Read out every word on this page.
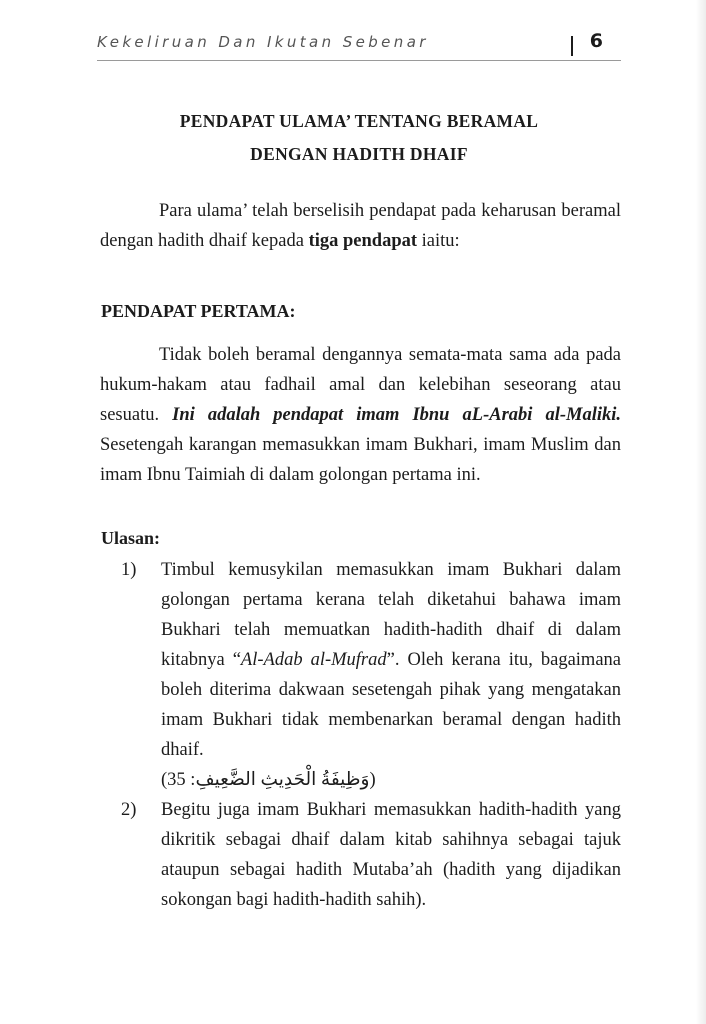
Kekeliruan Dan Ikutan Sebenar	6
PENDAPAT ULAMA’ TENTANG BERAMAL
DENGAN HADITH DHAIF
Para ulama’ telah berselisih pendapat pada keharusan beramal dengan hadith dhaif kepada tiga pendapat iaitu:
PENDAPAT PERTAMA:
Tidak boleh beramal dengannya semata-mata sama ada pada hukum-hakam atau fadhail amal dan kelebihan seseorang atau sesuatu. Ini adalah pendapat imam Ibnu aL-Arabi al-Maliki. Sesetengah karangan memasukkan imam Bukhari, imam Muslim dan imam Ibnu Taimiah di dalam golongan pertama ini.
Ulasan:
1) Timbul kemusykilan memasukkan imam Bukhari dalam golongan pertama kerana telah diketahui bahawa imam Bukhari telah memuatkan hadith-hadith dhaif di dalam kitabnya “Al-Adab al-Mufrad”. Oleh kerana itu, bagaimana boleh diterima dakwaan sesetengah pihak yang mengatakan imam Bukhari tidak membenarkan beramal dengan hadith dhaif.
(35 :وَظِيفَةُ الْحَدِيثِ الضَّعِيفِ)
2) Begitu juga imam Bukhari memasukkan hadith-hadith yang dikritik sebagai dhaif dalam kitab sahihnya sebagai tajuk ataupun sebagai hadith Mutaba’ah (hadith yang dijadikan sokongan bagi hadith-hadith sahih).
